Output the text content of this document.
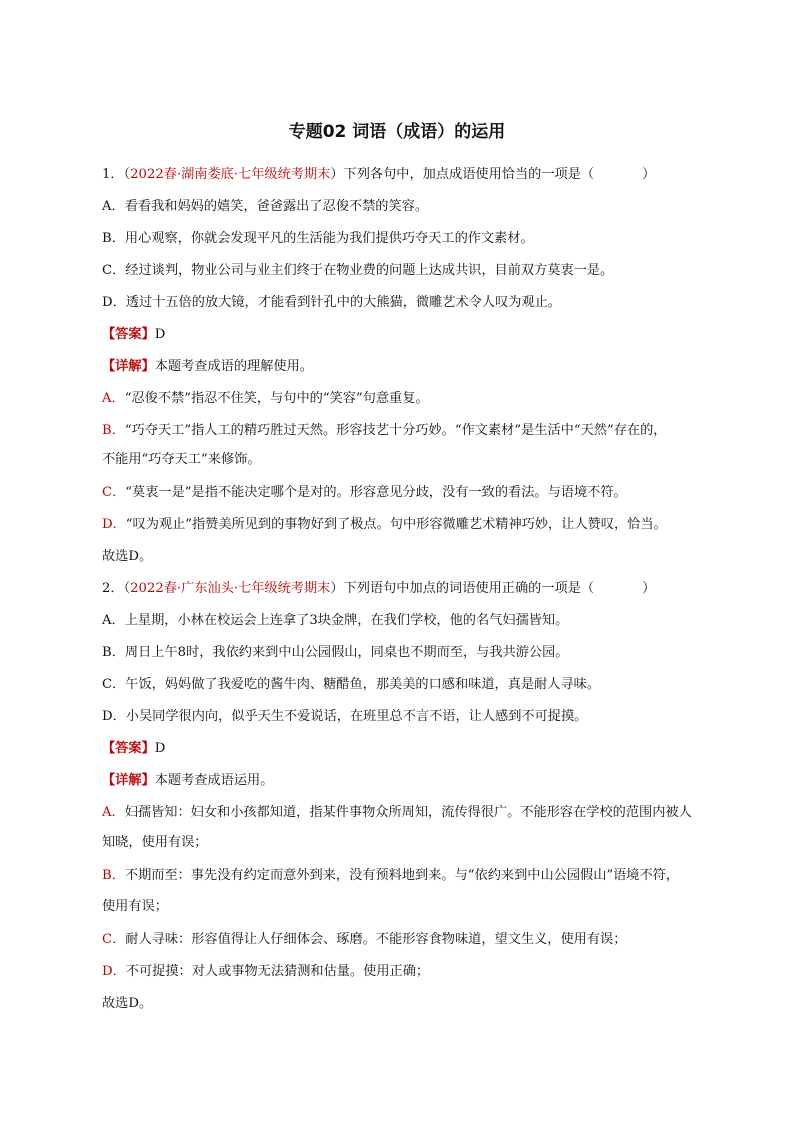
专题02 词语（成语）的运用
1．（2022春·湖南娄底·七年级统考期末）下列各句中，加点成语使用恰当的一项是（	）
A．看看我和妈妈的嬉笑，爸爸露出了忍俊不禁的笑容。
B．用心观察，你就会发现平凡的生活能为我们提供巧夺天工的作文素材。
C．经过谈判，物业公司与业主们终于在物业费的问题上达成共识，目前双方莫衷一是。
D．透过十五倍的放大镜，才能看到针孔中的大熊猫，微雕艺术令人叹为观止。
【答案】D
【详解】本题考查成语的理解使用。
A．“忍俊不禁”指忍不住笑，与句中的“笑容”句意重复。
B．“巧夺天工”指人工的精巧胜过天然。形容技艺十分巧妙。“作文素材”是生活中“天然”存在的，
不能用“巧夺天工”来修饰。
C．“莫衷一是”是指不能决定哪个是对的。形容意见分歧，没有一致的看法。与语境不符。
D．“叹为观止”指赞美所见到的事物好到了极点。句中形容微雕艺术精神巧妙，让人赞叹，恰当。
故选D。
2．（2022春·广东汕头·七年级统考期末）下列语句中加点的词语使用正确的一项是（	）
A．上星期，小林在校运会上连拿了3块金牌，在我们学校，他的名气妇孺皆知。
B．周日上午8时，我依约来到中山公园假山，同桌也不期而至，与我共游公园。
C．午饭，妈妈做了我爱吃的酱牛肉、糖醋鱼，那美美的口感和味道，真是耐人寻味。
D．小吴同学很内向，似乎天生不爱说话，在班里总不言不语，让人感到不可捉摸。
【答案】D
【详解】本题考查成语运用。
A．妇孺皆知：妇女和小孩都知道，指某件事物众所周知，流传得很广。不能形容在学校的范围内被人
知晓，使用有误；
B．不期而至：事先没有约定而意外到来，没有预料地到来。与“依约来到中山公园假山”语境不符，
使用有误；
C．耐人寻味：形容值得让人仔细体会、琢磨。不能形容食物味道，望文生义，使用有误；
D．不可捉摸：对人或事物无法猜测和估量。使用正确；
故选D。
